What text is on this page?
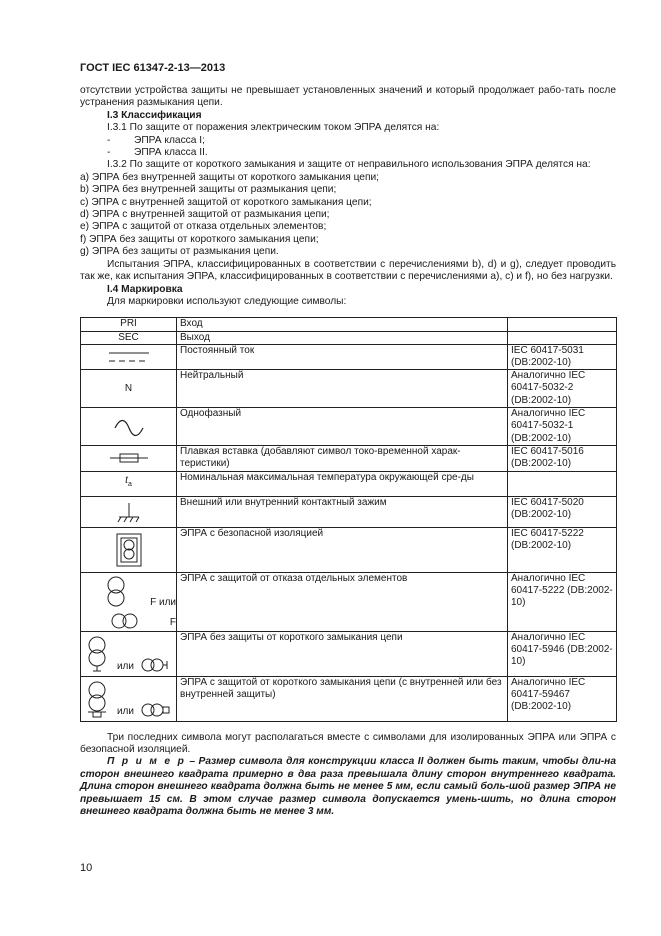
ГОСТ IEC 61347-2-13—2013

отсутствии устройства защиты не превышает установленных значений и который продолжает рабо-тать после устранения размыкания цепи.

I.3 Классификация

I.3.1 По защите от поражения электрическим током ЭПРА делятся на:

- ЭПРА класса I;

- ЭПРА класса II.

I.3.2 По защите от короткого замыкания и защите от неправильного использования ЭПРА делятся на:

a) ЭПРА без внутренней защиты от короткого замыкания цепи;

b) ЭПРА без внутренней защиты от размыкания цепи;

c) ЭПРА с внутренней защитой от короткого замыкания цепи;

d) ЭПРА с внутренней защитой от размыкания цепи;

e) ЭПРА с защитой от отказа отдельных элементов;

f) ЭПРА без защиты от короткого замыкания цепи;

g) ЭПРА без защиты от размыкания цепи.

Испытания ЭПРА, классифицированных в соответствии с перечислениями b), d) и g), следует проводить так же, как испытания ЭПРА, классифицированных в соответствии с перечислениями a), c) и f), но без нагрузки.

I.4 Маркировка

Для маркировки используют следующие символы:

PRI	Вход	
SEC	Выход	

	Постоянный ток	IEC 60417-5031 (DB:2002-10)
N	Нейтральный	Аналогично IEC 60417-5032-2 (DB:2002-10)

	Однофазный	Аналогично IEC 60417-5032-1 (DB:2002-10)

	Плавкая вставка (добавляют символ токо-временной харак-теристики)	IEC 60417-5016 (DB:2002-10)
$t_a$	Номинальная максимальная температура окружающей сре-ды	

	Внешний или внутренний контактный зажим	IEC 60417-5020 (DB:2002-10)

	ЭПРА с безопасной изоляцией	IEC 60417-5222 (DB:2002-10)

F или
F	ЭПРА с защитой от отказа отдельных элементов	Аналогично IEC 60417-5222 (DB:2002-10)

или	ЭПРА без защиты от короткого замыкания цепи	Аналогично IEC 60417-5946 (DB:2002-10)

или	ЭПРА с защитой от короткого замыкания цепи (с внутренней или без внутренней защиты)	Аналогично IEC 60417-59467 (DB:2002-10)

Три последних символа могут располагаться вместе с символами для изолированных ЭПРА или ЭПРА с безопасной изоляцией.

П р и м е р – Размер символа для конструкции класса II должен быть таким, чтобы дли-на сторон внешнего квадрата примерно в два раза превышала длину сторон внутреннего квадрата. Длина сторон внешнего квадрата должна быть не менее 5 мм, если самый боль-шой размер ЭПРА не превышает 15 см. В этом случае размер символа допускается умень-шить, но длина сторон внешнего квадрата должна быть не менее 3 мм.

10
